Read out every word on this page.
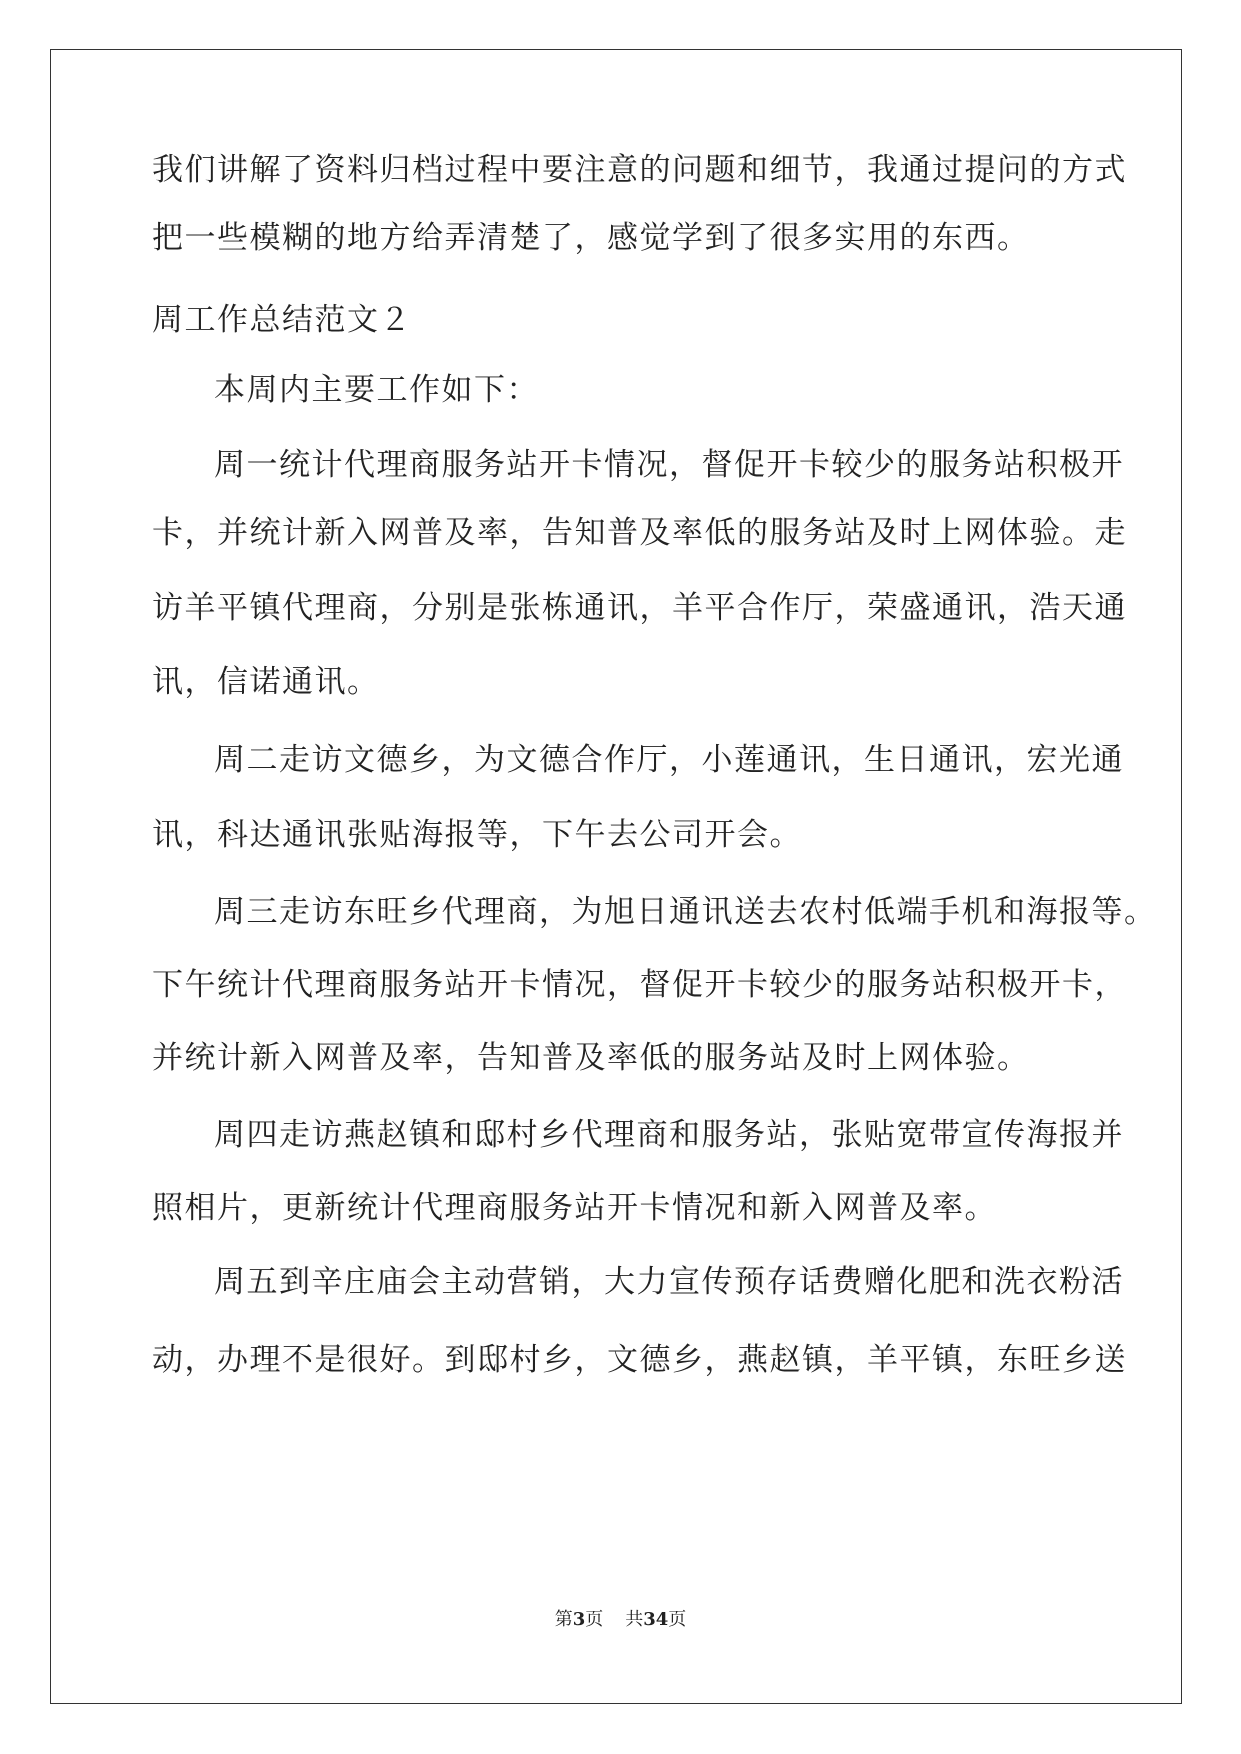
我们讲解了资料归档过程中要注意的问题和细节，我通过提问的方式
把一些模糊的地方给弄清楚了，感觉学到了很多实用的东西。
周工作总结范文２
本周内主要工作如下：
周一统计代理商服务站开卡情况，督促开卡较少的服务站积极开
卡，并统计新入网普及率，告知普及率低的服务站及时上网体验。走
访羊平镇代理商，分别是张栋通讯，羊平合作厅，荣盛通讯，浩天通
讯，信诺通讯。
周二走访文德乡，为文德合作厅，小莲通讯，生日通讯，宏光通
讯，科达通讯张贴海报等，下午去公司开会。
周三走访东旺乡代理商，为旭日通讯送去农村低端手机和海报等。
下午统计代理商服务站开卡情况，督促开卡较少的服务站积极开卡，
并统计新入网普及率，告知普及率低的服务站及时上网体验。
周四走访燕赵镇和邸村乡代理商和服务站，张贴宽带宣传海报并
照相片，更新统计代理商服务站开卡情况和新入网普及率。
周五到辛庄庙会主动营销，大力宣传预存话费赠化肥和洗衣粉活
动，办理不是很好。到邸村乡，文德乡，燕赵镇，羊平镇，东旺乡送
第3页 共34页
